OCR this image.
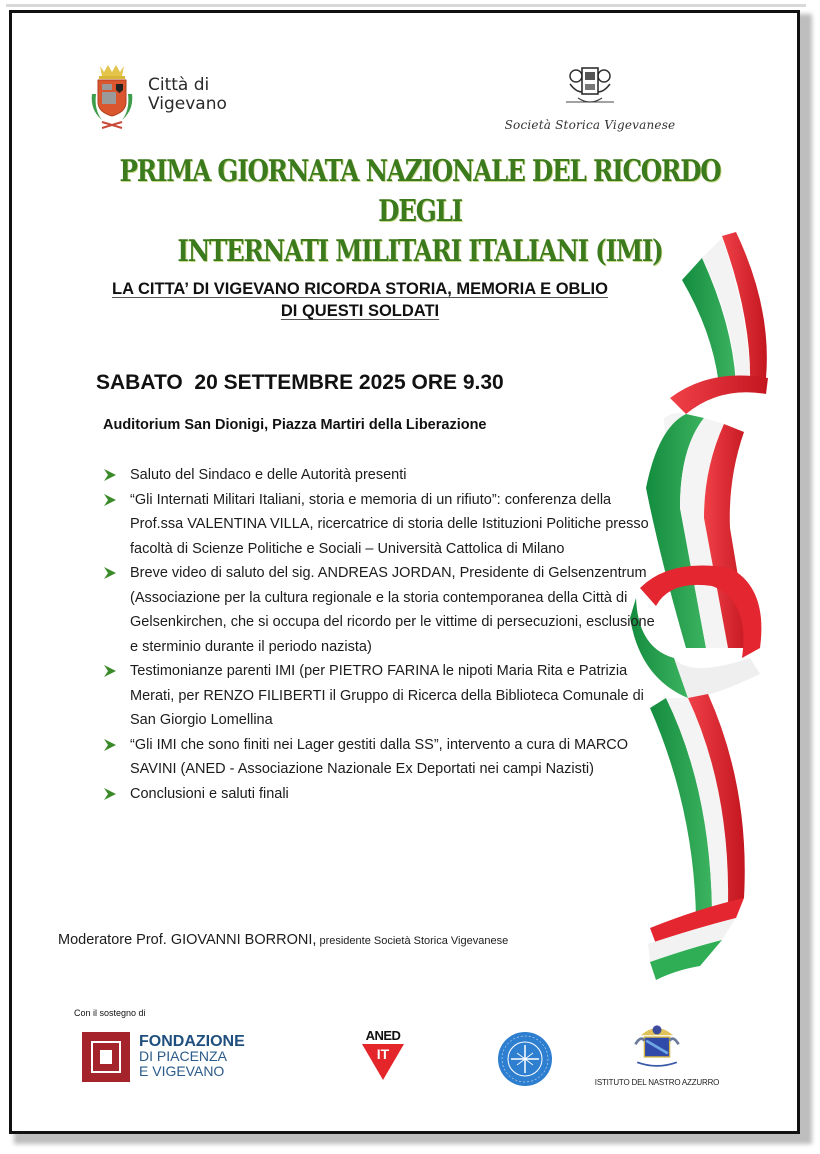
Città di
Vigevano
Società Storica Vigevanese
PRIMA GIORNATA NAZIONALE DEL RICORDO DEGLI
INTERNATI MILITARI ITALIANI (IMI)
LA CITTA’ DI VIGEVANO RICORDA STORIA, MEMORIA E OBLIO
DI QUESTI SOLDATI
SABATO  20 SETTEMBRE 2025 ORE 9.30
Auditorium San Dionigi, Piazza Martiri della Liberazione
Saluto del Sindaco e delle Autorità presenti
“Gli Internati Militari Italiani, storia e memoria di un rifiuto”: conferenza della Prof.ssa VALENTINA VILLA, ricercatrice di storia delle Istituzioni Politiche presso facoltà di Scienze Politiche e Sociali – Università Cattolica di Milano
Breve video di saluto del sig. ANDREAS JORDAN, Presidente di Gelsenzentrum (Associazione per la cultura regionale e la storia contemporanea della Città di Gelsenkirchen, che si occupa del ricordo per le vittime di persecuzioni, esclusione e sterminio durante il periodo nazista)
Testimonianze parenti IMI (per PIETRO FARINA le nipoti Maria Rita e Patrizia Merati, per RENZO FILIBERTI il Gruppo di Ricerca della Biblioteca Comunale di San Giorgio Lomellina
“Gli IMI che sono finiti nei Lager gestiti dalla SS”, intervento a cura di MARCO SAVINI (ANED - Associazione Nazionale Ex Deportati nei campi Nazisti)
Conclusioni e saluti finali
Moderatore Prof. GIOVANNI BORRONI, presidente Società Storica Vigevanese
Con il sostegno di
FONDAZIONE
DI PIACENZA
E VIGEVANO
ANED
IT
ISTITUTO DEL NASTRO AZZURRO
